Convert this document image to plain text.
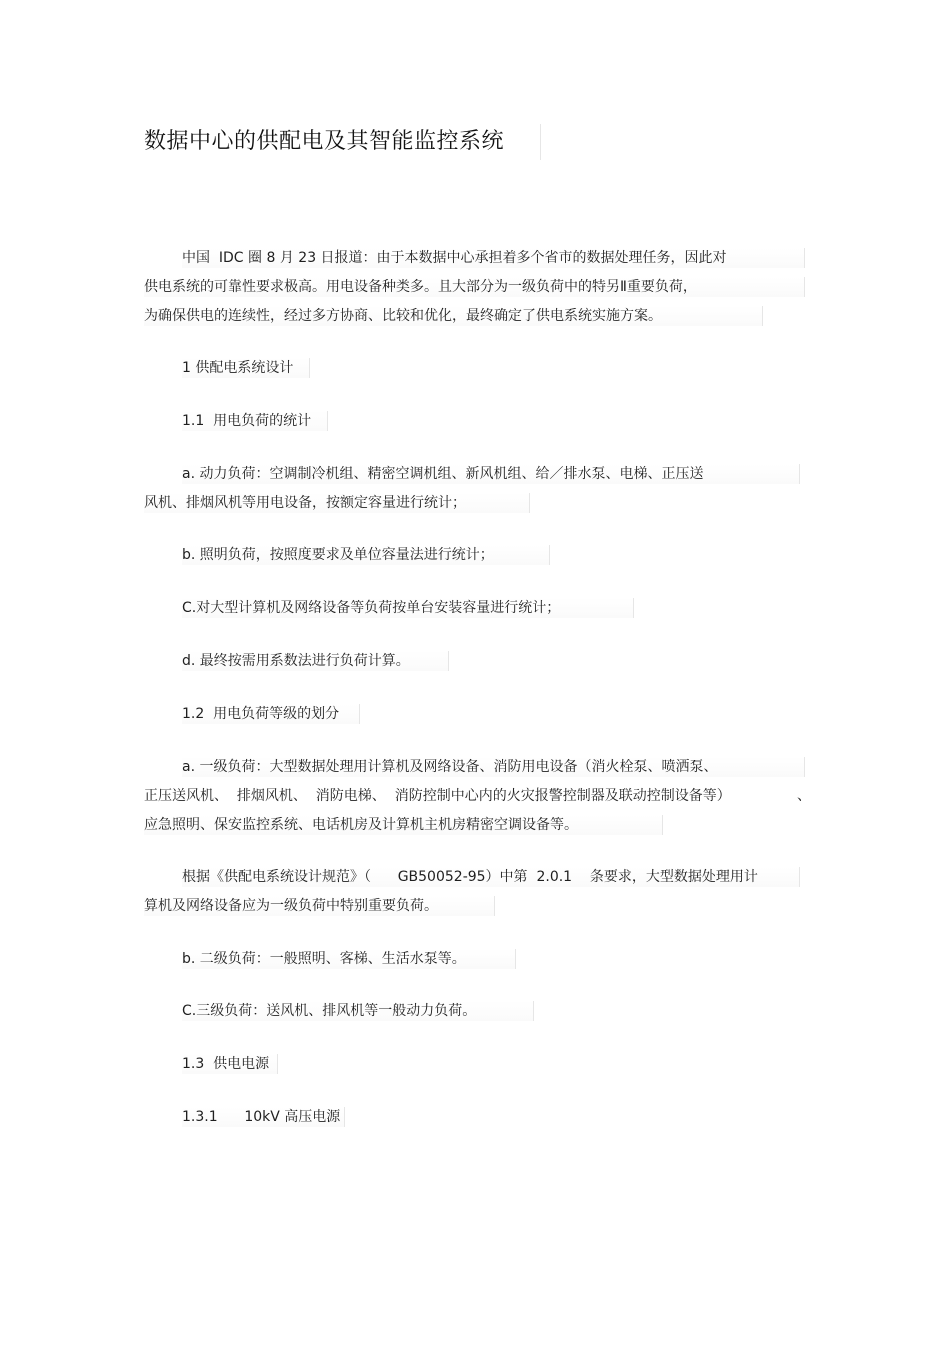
数据中心的供配电及其智能监控系统
中国  IDC 圈 8 月 23 日报道：由于本数据中心承担着多个省市的数据处理任务，因此对
供电系统的可靠性要求极高。用电设备种类多。且大部分为一级负荷中的特另Ⅱ重要负荷，
为确保供电的连续性，经过多方协商、比较和优化，最终确定了供电系统实施方案。
1 供配电系统设计
1.1  用电负荷的统计
a. 动力负荷：空调制冷机组、精密空调机组、新风机组、给／排水泵、电梯、正压送
风机、排烟风机等用电设备，按额定容量进行统计；
b. 照明负荷，按照度要求及单位容量法进行统计；
C.对大型计算机及网络设备等负荷按单台安装容量进行统计；
d. 最终按需用系数法进行负荷计算。
1.2  用电负荷等级的划分
a. 一级负荷：大型数据处理用计算机及网络设备、消防用电设备（消火栓泵、喷洒泵、
正压送风机、  排烟风机、  消防电梯、  消防控制中心内的火灾报警控制器及联动控制设备等）	、
应急照明、保安监控系统、电话机房及计算机主机房精密空调设备等。
根据《供配电系统设计规范》（      GB50052-95）中第  2.0.1    条要求，大型数据处理用计
算机及网络设备应为一级负荷中特别重要负荷。
b. 二级负荷：一般照明、客梯、生活水泵等。
C.三级负荷：送风机、排风机等一般动力负荷。
1.3  供电电源
1.3.1      10kV 高压电源
